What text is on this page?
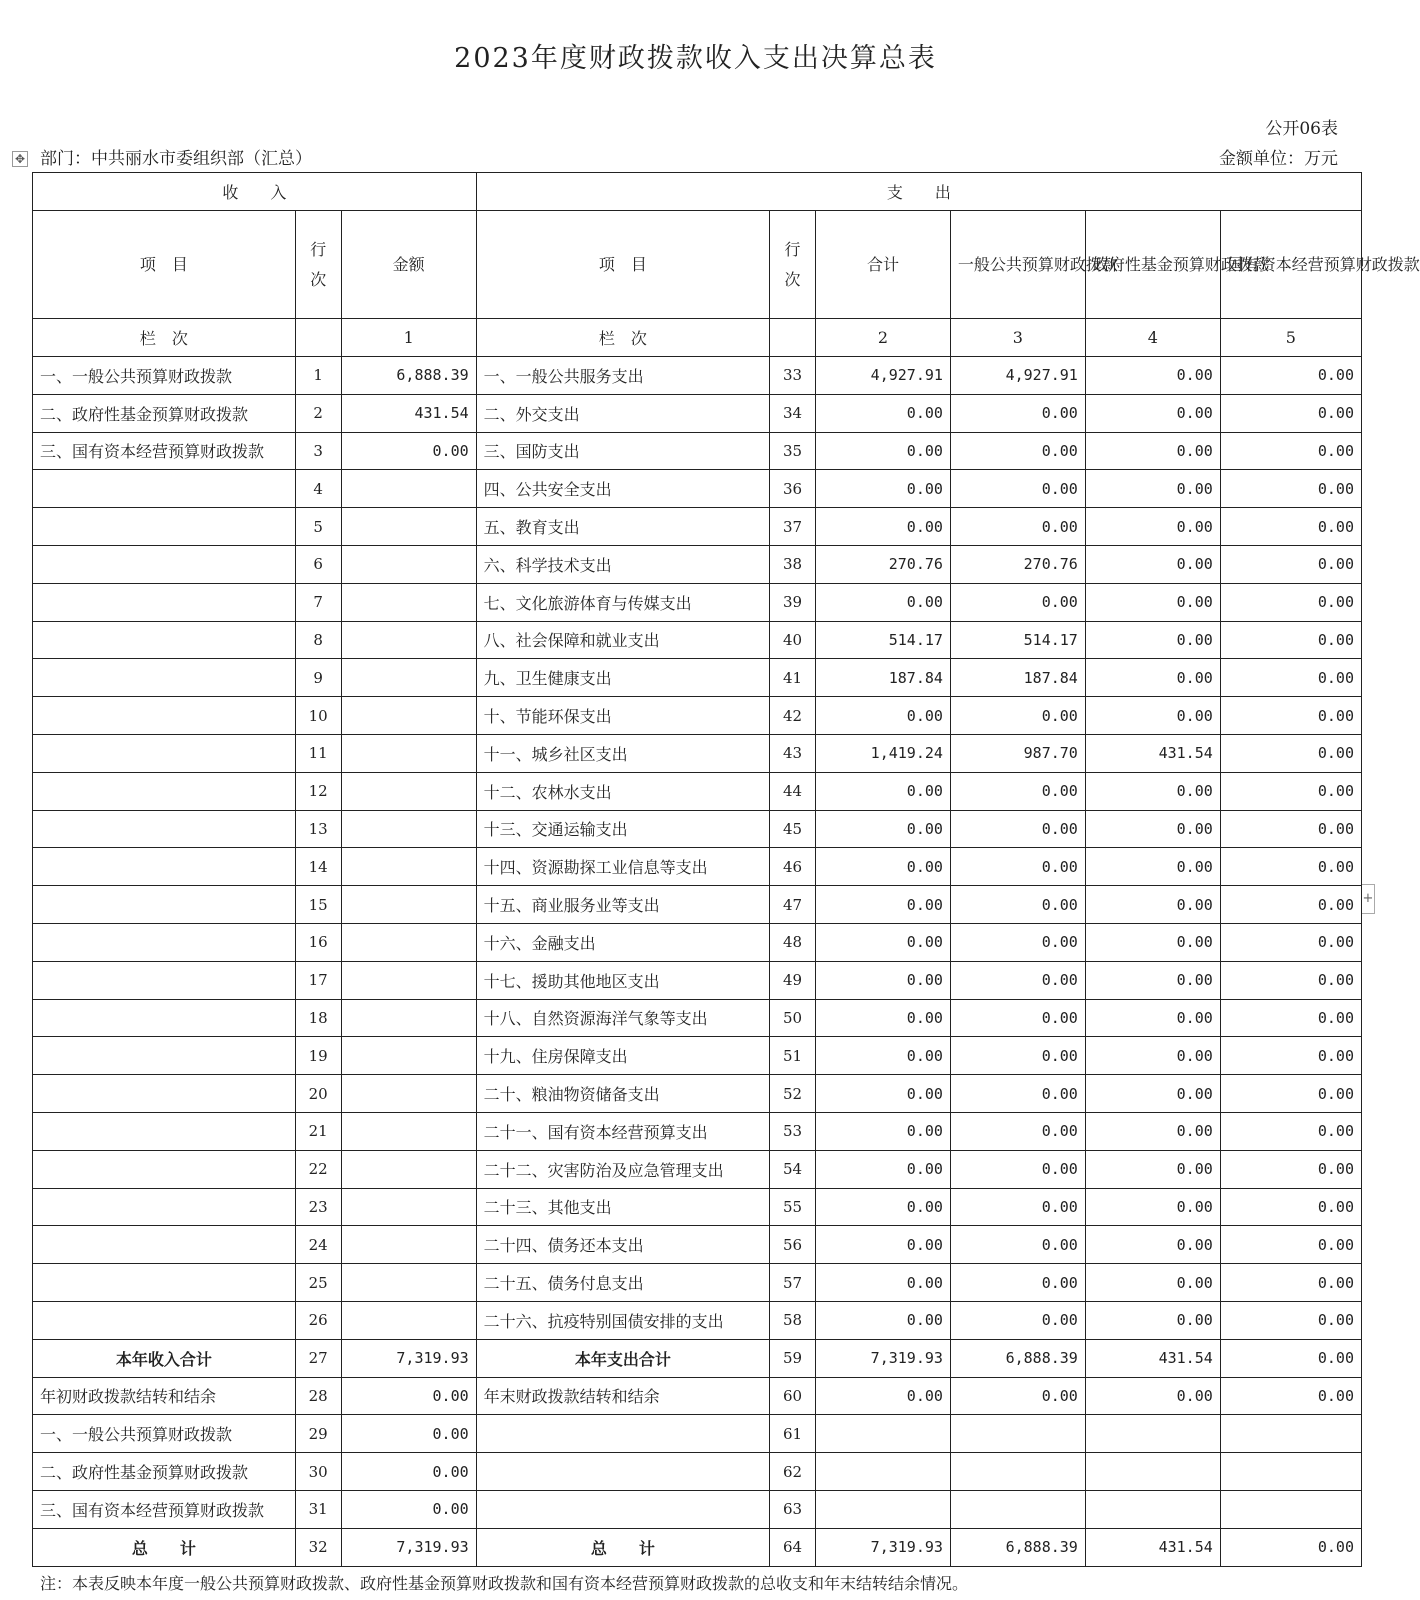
2023年度财政拨款收入支出决算总表
公开06表
✥ 部门：中共丽水市委组织部（汇总）	金额单位：万元
+
收　　入			支　　出					
项　目	行次	金额	项　目	行次	合计	一般公共预算财政拨款	政府性基金预算财政拨款	国有资本经营预算财政拨款
栏　次		1	栏　次		2	3	4	5
一、一般公共预算财政拨款	1	6,888.39	一、一般公共服务支出	33	4,927.91	4,927.91	0.00	0.00
二、政府性基金预算财政拨款	2	431.54	二、外交支出	34	0.00	0.00	0.00	0.00
三、国有资本经营预算财政拨款	3	0.00	三、国防支出	35	0.00	0.00	0.00	0.00
	4		四、公共安全支出	36	0.00	0.00	0.00	0.00
	5		五、教育支出	37	0.00	0.00	0.00	0.00
	6		六、科学技术支出	38	270.76	270.76	0.00	0.00
	7		七、文化旅游体育与传媒支出	39	0.00	0.00	0.00	0.00
	8		八、社会保障和就业支出	40	514.17	514.17	0.00	0.00
	9		九、卫生健康支出	41	187.84	187.84	0.00	0.00
	10		十、节能环保支出	42	0.00	0.00	0.00	0.00
	11		十一、城乡社区支出	43	1,419.24	987.70	431.54	0.00
	12		十二、农林水支出	44	0.00	0.00	0.00	0.00
	13		十三、交通运输支出	45	0.00	0.00	0.00	0.00
	14		十四、资源勘探工业信息等支出	46	0.00	0.00	0.00	0.00
	15		十五、商业服务业等支出	47	0.00	0.00	0.00	0.00
	16		十六、金融支出	48	0.00	0.00	0.00	0.00
	17		十七、援助其他地区支出	49	0.00	0.00	0.00	0.00
	18		十八、自然资源海洋气象等支出	50	0.00	0.00	0.00	0.00
	19		十九、住房保障支出	51	0.00	0.00	0.00	0.00
	20		二十、粮油物资储备支出	52	0.00	0.00	0.00	0.00
	21		二十一、国有资本经营预算支出	53	0.00	0.00	0.00	0.00
	22		二十二、灾害防治及应急管理支出	54	0.00	0.00	0.00	0.00
	23		二十三、其他支出	55	0.00	0.00	0.00	0.00
	24		二十四、债务还本支出	56	0.00	0.00	0.00	0.00
	25		二十五、债务付息支出	57	0.00	0.00	0.00	0.00
	26		二十六、抗疫特别国债安排的支出	58	0.00	0.00	0.00	0.00
本年收入合计	27	7,319.93	本年支出合计	59	7,319.93	6,888.39	431.54	0.00
年初财政拨款结转和结余	28	0.00	年末财政拨款结转和结余	60	0.00	0.00	0.00	0.00
一、一般公共预算财政拨款	29	0.00		61				
二、政府性基金预算财政拨款	30	0.00		62				
三、国有资本经营预算财政拨款	31	0.00		63				
总　　计	32	7,319.93	总　　计	64	7,319.93	6,888.39	431.54	0.00
注：本表反映本年度一般公共预算财政拨款、政府性基金预算财政拨款和国有资本经营预算财政拨款的总收支和年末结转结余情况。
